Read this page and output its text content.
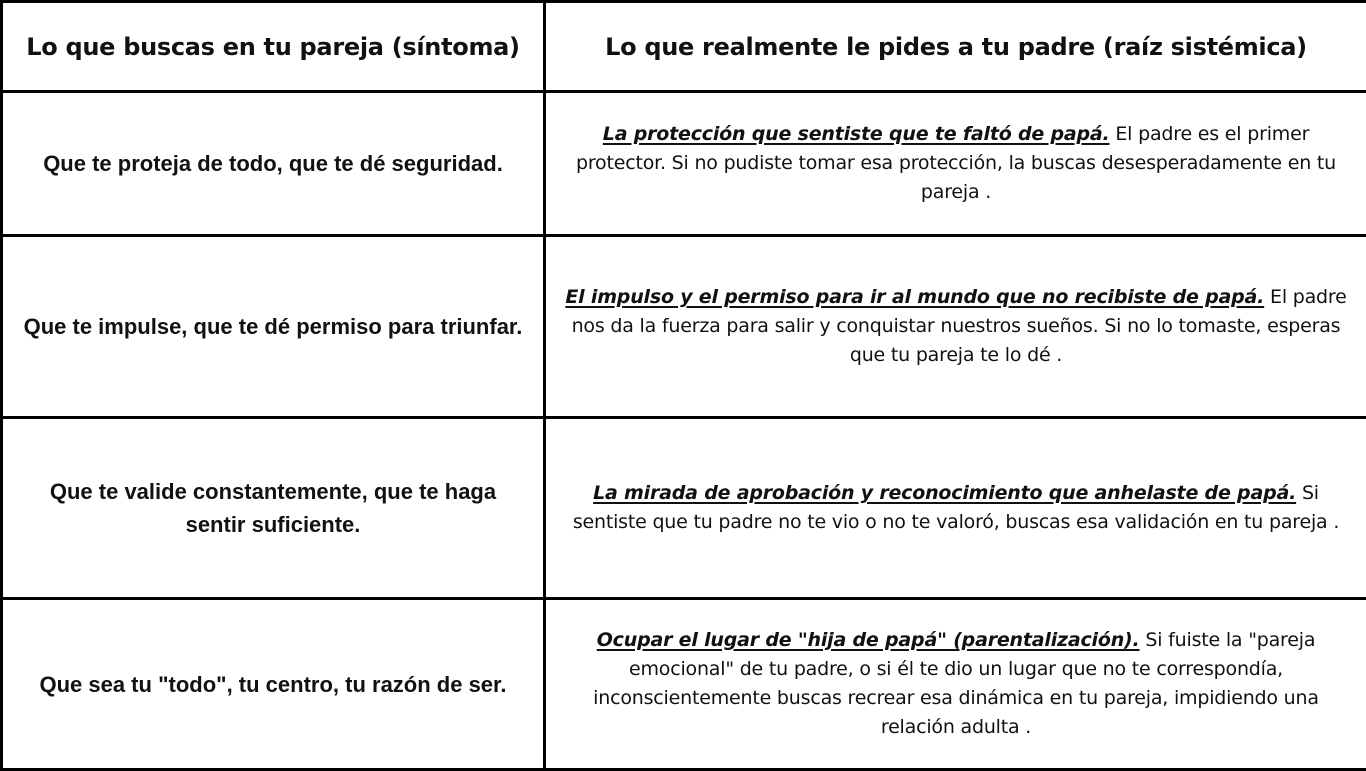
Lo que buscas en tu pareja (síntoma)	Lo que realmente le pides a tu padre (raíz sistémica)
Que te proteja de todo, que te dé seguridad.	La protección que sentiste que te faltó de papá. El padre es el primer protector. Si no pudiste tomar esa protección, la buscas desesperadamente en tu pareja .
Que te impulse, que te dé permiso para triunfar.	El impulso y el permiso para ir al mundo que no recibiste de papá. El padre nos da la fuerza para salir y conquistar nuestros sueños. Si no lo tomaste, esperas que tu pareja te lo dé .
Que te valide constantemente, que te haga sentir suficiente.	La mirada de aprobación y reconocimiento que anhelaste de papá. Si sentiste que tu padre no te vio o no te valoró, buscas esa validación en tu pareja .
Que sea tu "todo", tu centro, tu razón de ser.	Ocupar el lugar de "hija de papá" (parentalización). Si fuiste la "pareja emocional" de tu padre, o si él te dio un lugar que no te correspondía, inconscientemente buscas recrear esa dinámica en tu pareja, impidiendo una relación adulta .
